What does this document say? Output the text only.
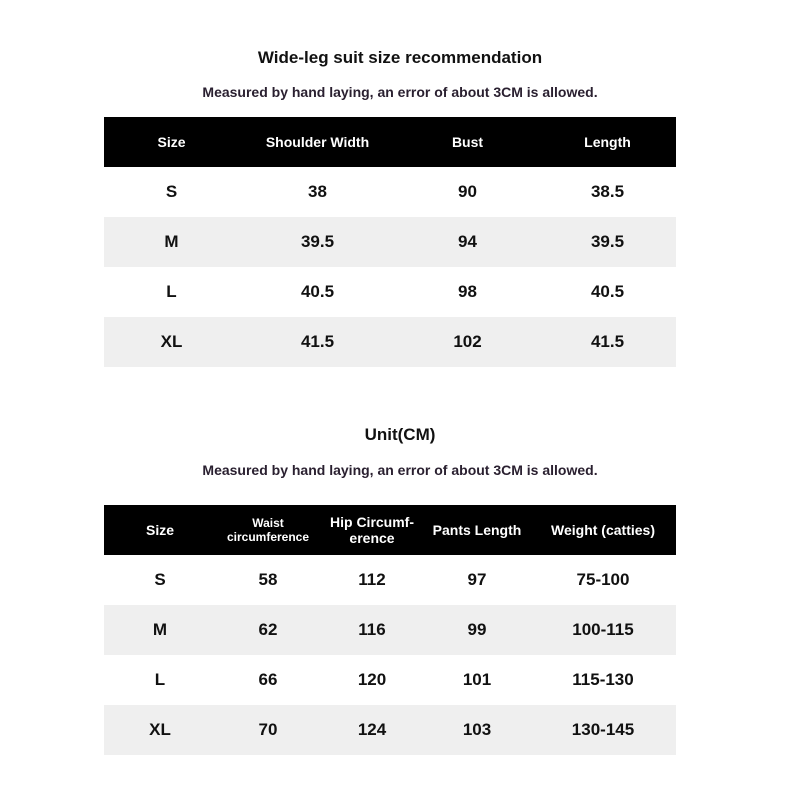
Wide-leg suit size recommendation
Measured by hand laying, an error of about 3CM is allowed.
Size	Shoulder Width	Bust	Length
S	38	90	38.5
M	39.5	94	39.5
L	40.5	98	40.5
XL	41.5	102	41.5
Unit(CM)
Measured by hand laying, an error of about 3CM is allowed.
Size	Waist circumference	Hip Circumf- erence	Pants Length	Weight (catties)
S	58	112	97	75-100
M	62	116	99	100-115
L	66	120	101	115-130
XL	70	124	103	130-145
